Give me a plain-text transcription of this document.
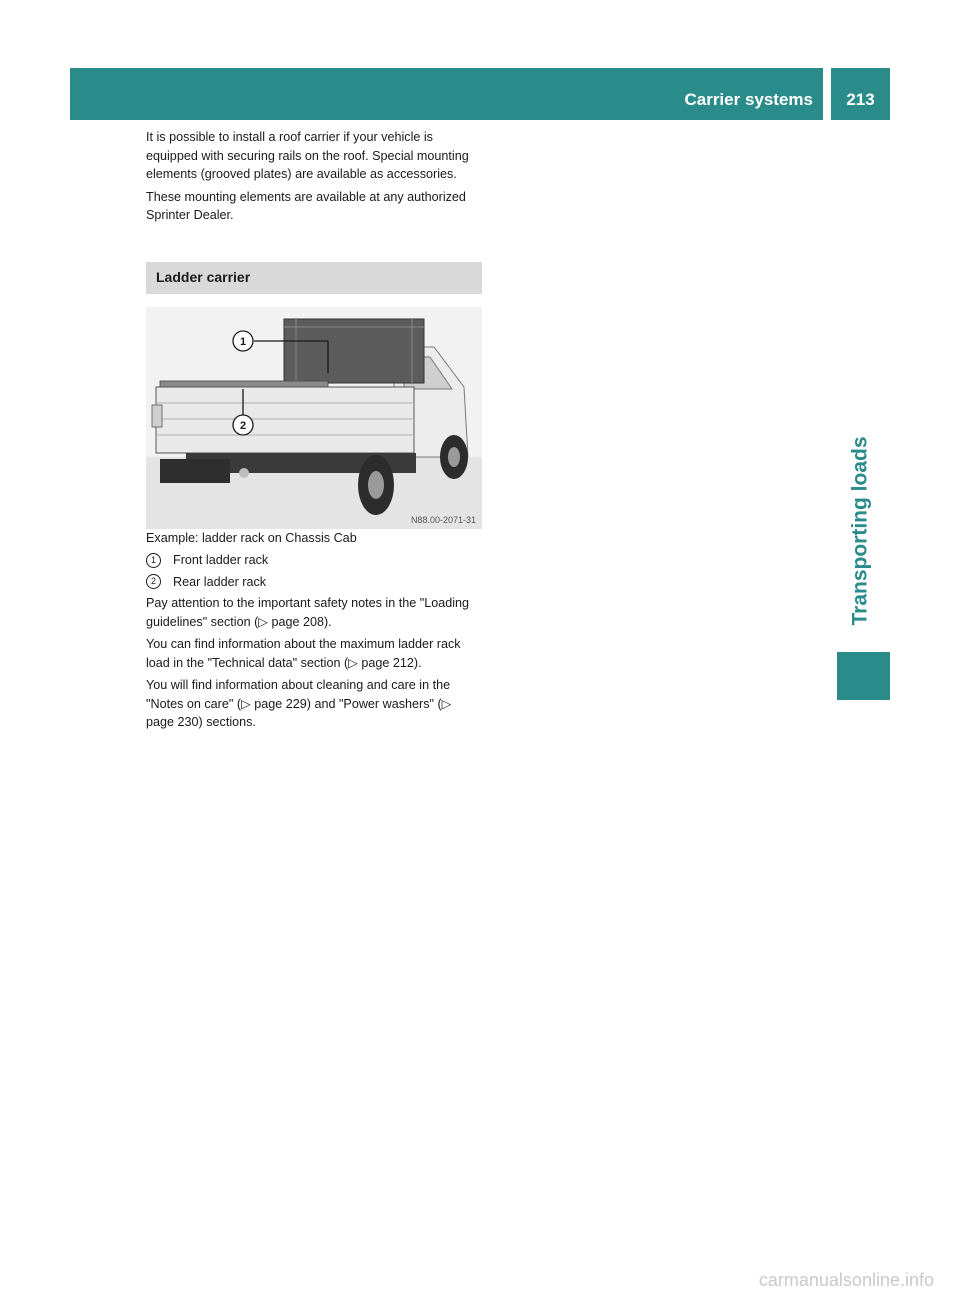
Carrier systems	213
Transporting loads

It is possible to install a roof carrier if your vehicle is equipped with securing rails on the roof. Special mounting elements (grooved plates) are available as accessories.

These mounting elements are available at any authorized Sprinter Dealer.

Ladder carrier
1
2
N88.00-2071-31

Example: ladder rack on Chassis Cab

1	Front ladder rack
2	Rear ladder rack

Pay attention to the important safety notes in the "Loading guidelines" section (▷ page 208).

You can find information about the maximum ladder rack load in the "Technical data" section (▷ page 212).

You will find information about cleaning and care in the "Notes on care" (▷ page 229) and "Power washers" (▷ page 230) sections.

carmanualsonline.info
